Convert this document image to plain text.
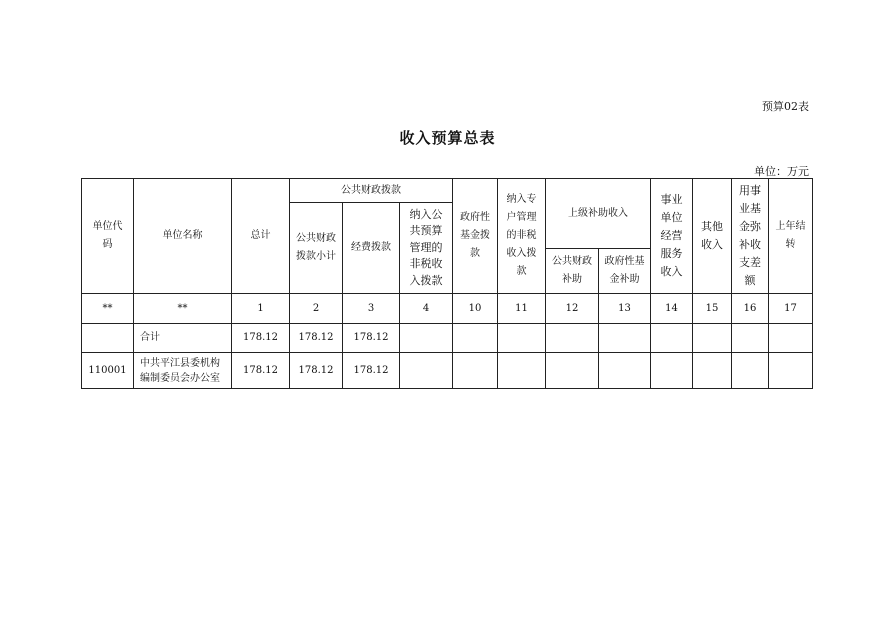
预算02表
收入预算总表
单位：万元
单位代码	单位名称	总计	公共财政拨款			政府性基金拨款	纳入专户管理的非税收入拨款	上级补助收入		事业单位经营服务收入	其他收入	用事业基金弥补收支差额	上年结转
			公共财政拨款小计	经费拨款	纳入公共预算管理的非税收入拨款								
								公共财政补助	政府性基金补助				
**	**	1	2	3	4	10	11	12	13	14	15	16	17
	合计	178.12	178.12	178.12									
110001	中共平江县委机构编制委员会办公室	178.12	178.12	178.12									
